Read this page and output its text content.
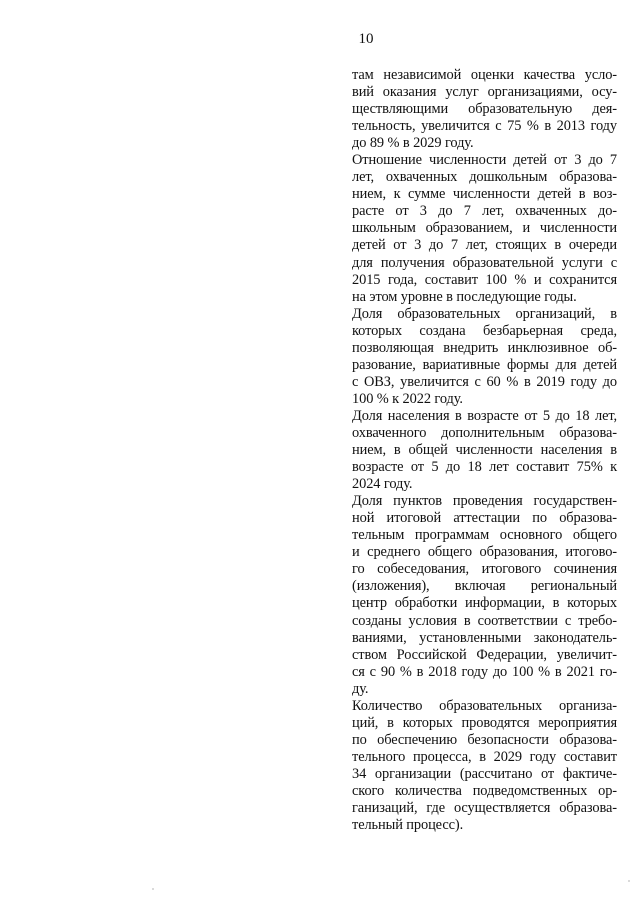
10
там независимой оценки качества усло-
вий оказания услуг организациями, осу-
ществляющими образовательную дея-
тельность, увеличится с 75 % в 2013 году
до 89 % в 2029 году.
Отношение численности детей от 3 до 7
лет, охваченных дошкольным образова-
нием, к сумме численности детей в воз-
расте от 3 до 7 лет, охваченных до-
школьным образованием, и численности
детей от 3 до 7 лет, стоящих в очереди
для получения образовательной услуги с
2015 года, составит 100 % и сохранится
на этом уровне в последующие годы.
Доля образовательных организаций, в
которых создана безбарьерная среда,
позволяющая внедрить инклюзивное об-
разование, вариативные формы для детей
с ОВЗ, увеличится с 60 % в 2019 году до
100 % к 2022 году.
Доля населения в возрасте от 5 до 18 лет,
охваченного дополнительным образова-
нием, в общей численности населения в
возрасте от 5 до 18 лет составит 75% к
2024 году.
Доля пунктов проведения государствен-
ной итоговой аттестации по образова-
тельным программам основного общего
и среднего общего образования, итогово-
го собеседования, итогового сочинения
(изложения), включая региональный
центр обработки информации, в которых
созданы условия в соответствии с требо-
ваниями, установленными законодатель-
ством Российской Федерации, увеличит-
ся с 90 % в 2018 году до 100 % в 2021 го-
ду.
Количество образовательных организа-
ций, в которых проводятся мероприятия
по обеспечению безопасности образова-
тельного процесса, в 2029 году составит
34 организации (рассчитано от фактиче-
ского количества подведомственных ор-
ганизаций, где осуществляется образова-
тельный процесс).
